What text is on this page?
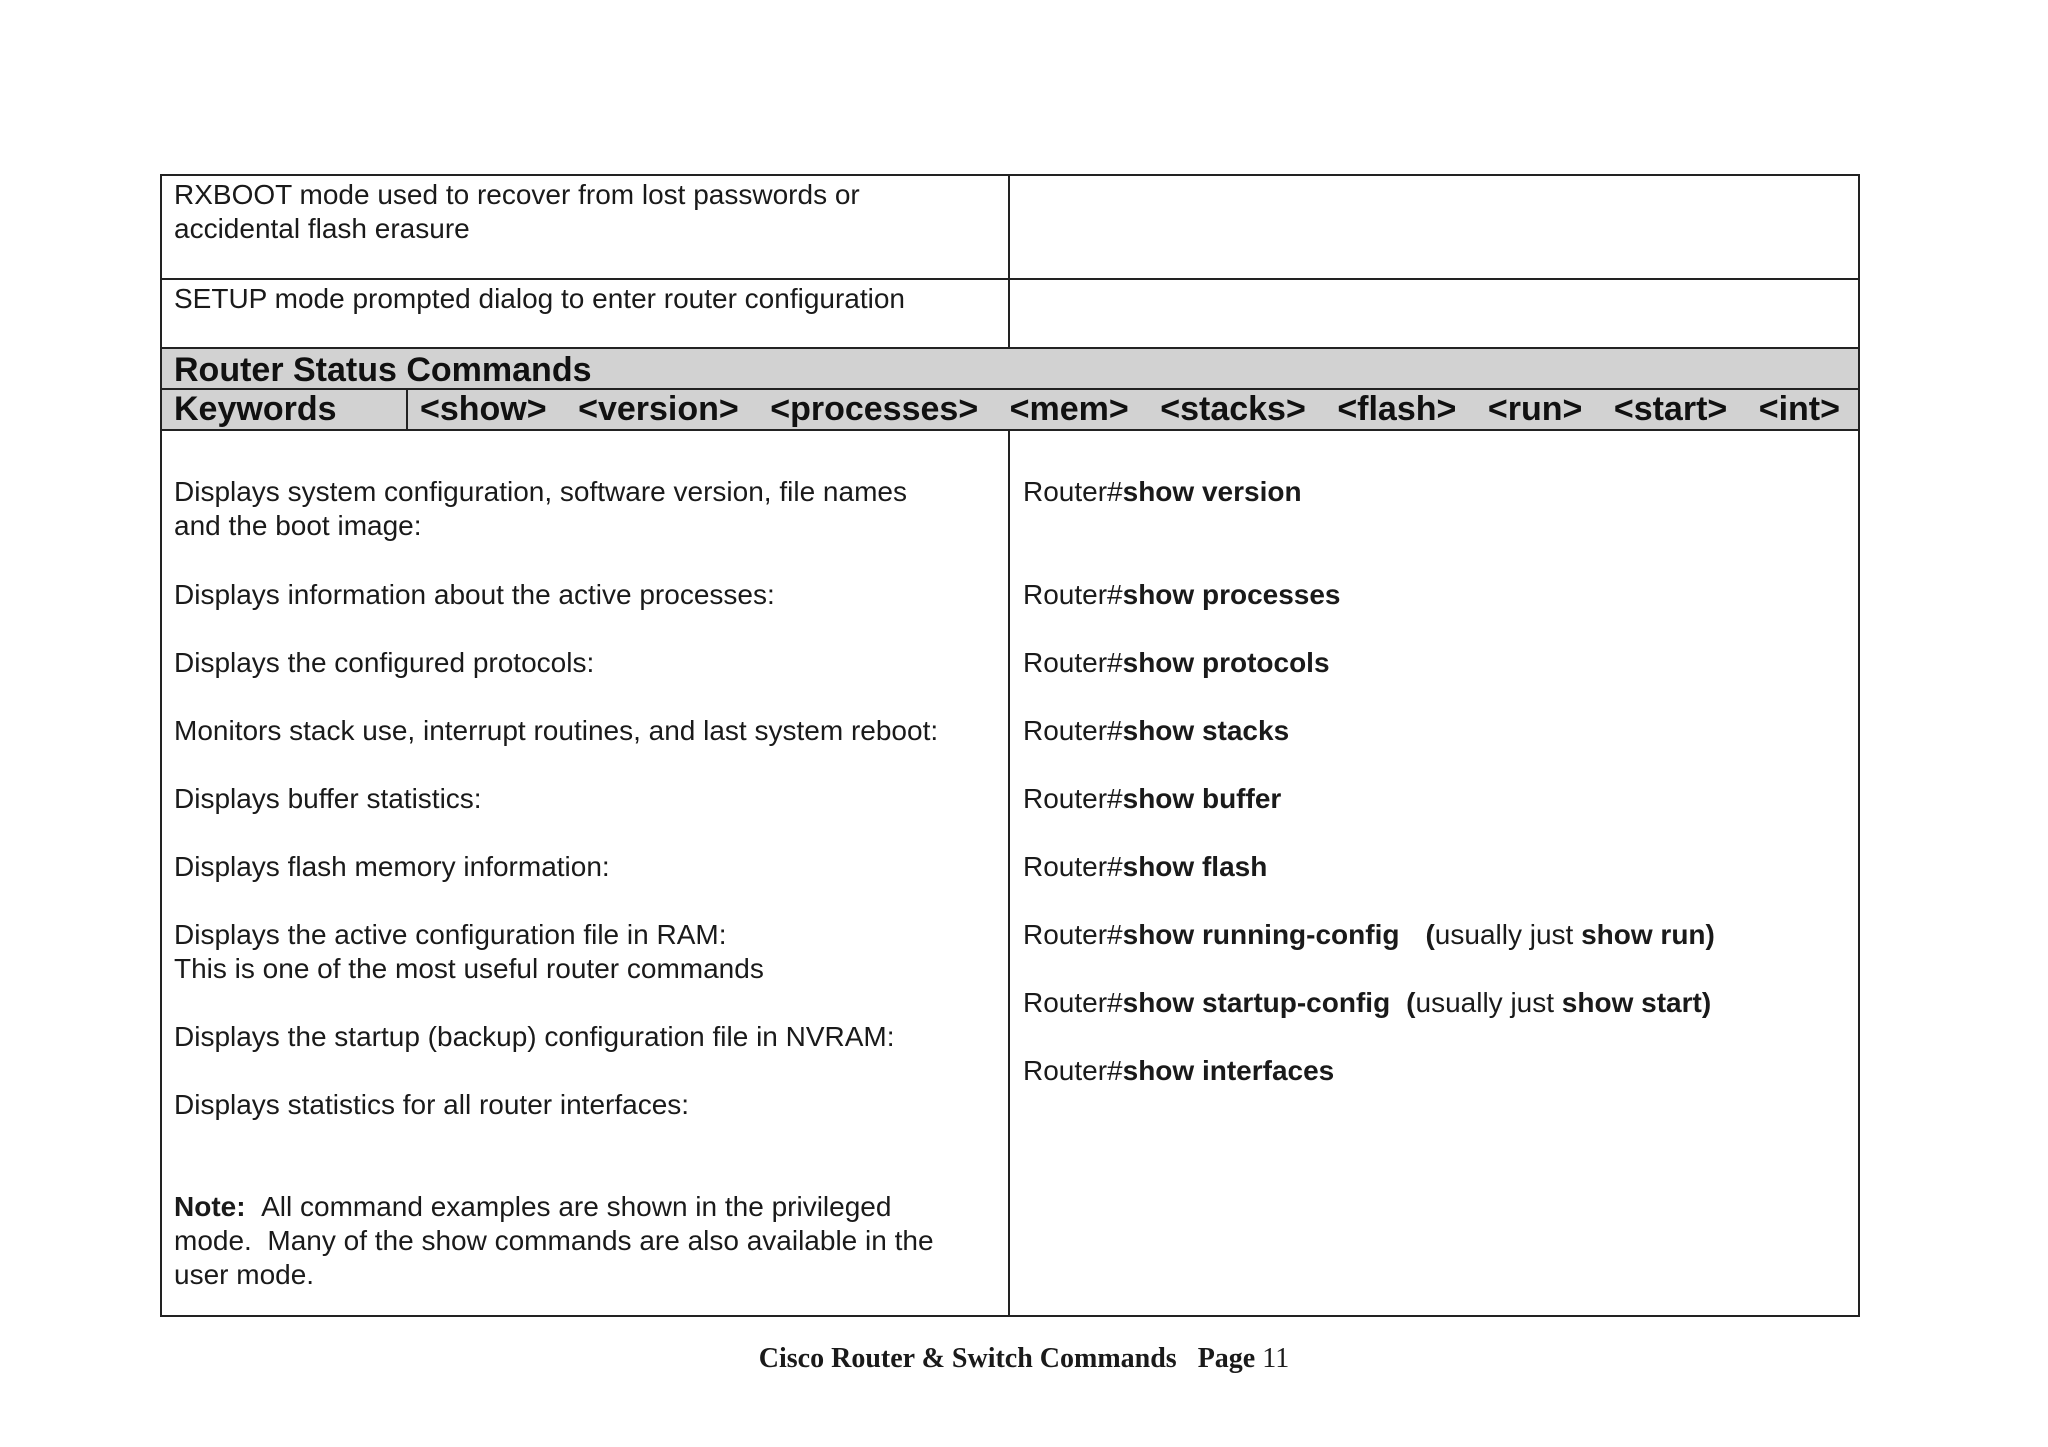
RXBOOT mode used to recover from lost passwords or
accidental flash erasure
SETUP mode prompted dialog to enter router configuration
Router Status Commands
Keywords	<show> <version> <processes> <mem> <stacks> <flash> <run> <start> <int>
Displays system configuration, software version, file names
and the boot image:
Displays information about the active processes:
Displays the configured protocols:
Monitors stack use, interrupt routines, and last system reboot:
Displays buffer statistics:
Displays flash memory information:
Displays the active configuration file in RAM:
This is one of the most useful router commands
Displays the startup (backup) configuration file in NVRAM:
Displays statistics for all router interfaces:
Note: All command examples are shown in the privileged
mode.  Many of the show commands are also available in the
user mode.
Router#show version
Router#show processes
Router#show protocols
Router#show stacks
Router#show buffer
Router#show flash
Router#show running-config (usually just show run)
Router#show startup-config (usually just show start)
Router#show interfaces
Cisco Router & Switch Commands Page 11
